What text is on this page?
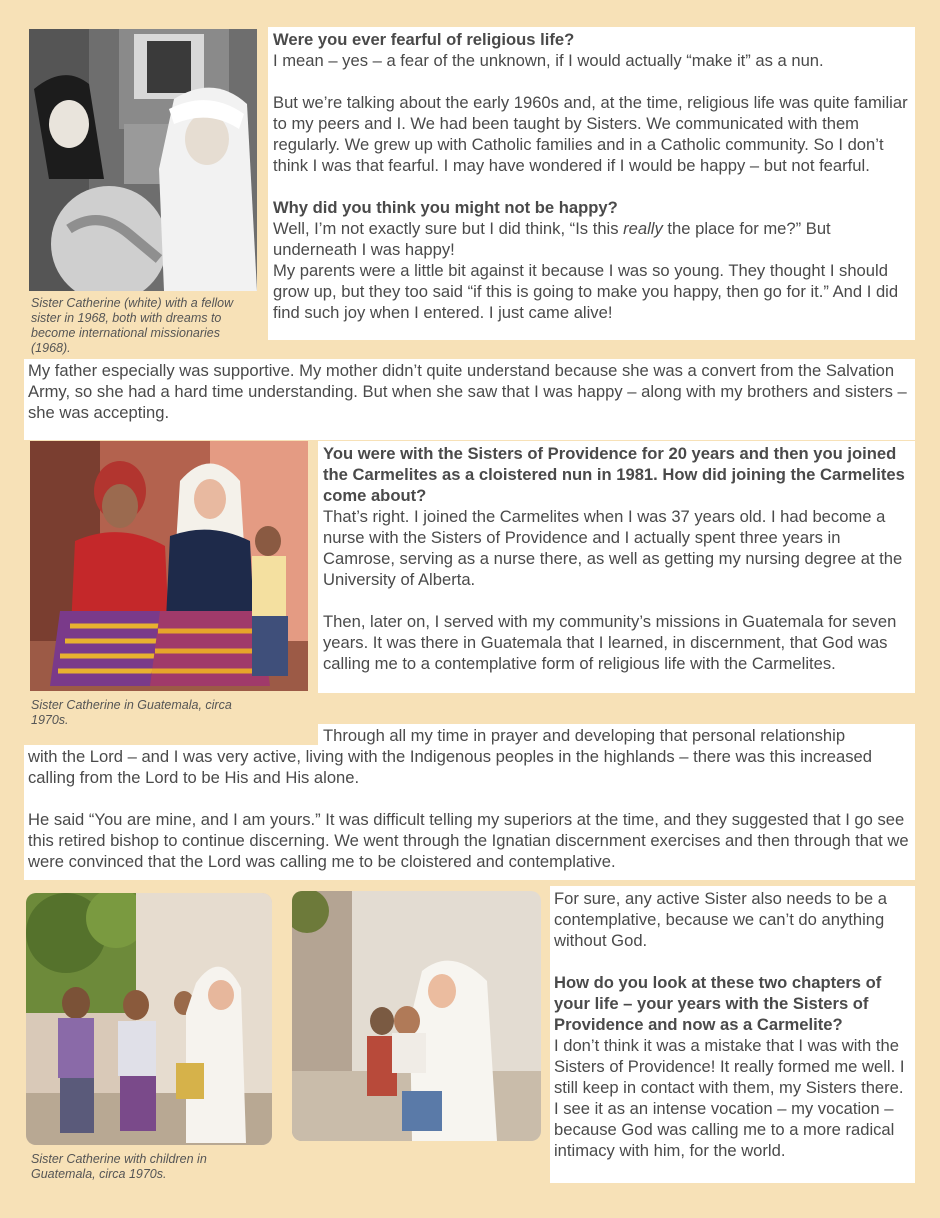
Sister Catherine (white) with a fellow sister in 1968, both with dreams to become international missionaries (1968).

Were you ever fearful of religious life?

I mean – yes – a fear of the unknown, if I would actually “make it” as a nun.

But we’re talking about the early 1960s and, at the time, religious life was quite familiar to my peers and I. We had been taught by Sisters. We communicated with them regularly. We grew up with Catholic families and in a Catholic community. So I don’t think I was that fearful. I may have wondered if I would be happy – but not fearful.

Why did you think you might not be happy?

Well, I’m not exactly sure but I did think, “Is this really the place for me?” But underneath I was happy!

My parents were a little bit against it because I was so young. They thought I should grow up, but they too said “if this is going to make you happy, then go for it.” And I did find such joy when I entered. I just came alive!

My father especially was supportive. My mother didn’t quite understand because she was a convert from the Salvation Army, so she had a hard time understanding. But when she saw that I was happy – along with my brothers and sisters – she was accepting.

Sister Catherine in Guatemala, circa 1970s.

You were with the Sisters of Providence for 20 years and then you joined the Carmelites as a cloistered nun in 1981. How did joining the Carmelites come about?

That’s right. I joined the Carmelites when I was 37 years old. I had become a nurse with the Sisters of Providence and I actually spent three years in Camrose, serving as a nurse there, as well as getting my nursing degree at the University of Alberta.

Then, later on, I served with my community’s missions in Guatemala for seven years. It was there in Guatemala that I learned, in discernment, that God was calling me to a contemplative form of religious life with the Carmelites.

Through all my time in prayer and developing that personal relationship

with the Lord – and I was very active, living with the Indigenous peoples in the highlands – there was this increased calling from the Lord to be His and His alone.

He said “You are mine, and I am yours.” It was difficult telling my superiors at the time, and they suggested that I go see this retired bishop to continue discerning. We went through the Ignatian discernment exercises and then through that we were convinced that the Lord was calling me to be cloistered and contemplative.

Sister Catherine with children in Guatemala, circa 1970s.

For sure, any active Sister also needs to be a contemplative, because we can’t do anything without God.

How do you look at these two chapters of your life – your years with the Sisters of Providence and now as a Carmelite?

I don’t think it was a mistake that I was with the Sisters of Providence! It really formed me well. I still keep in contact with them, my Sisters there. I see it as an intense vocation – my vocation – because God was calling me to a more radical intimacy with him, for the world.
